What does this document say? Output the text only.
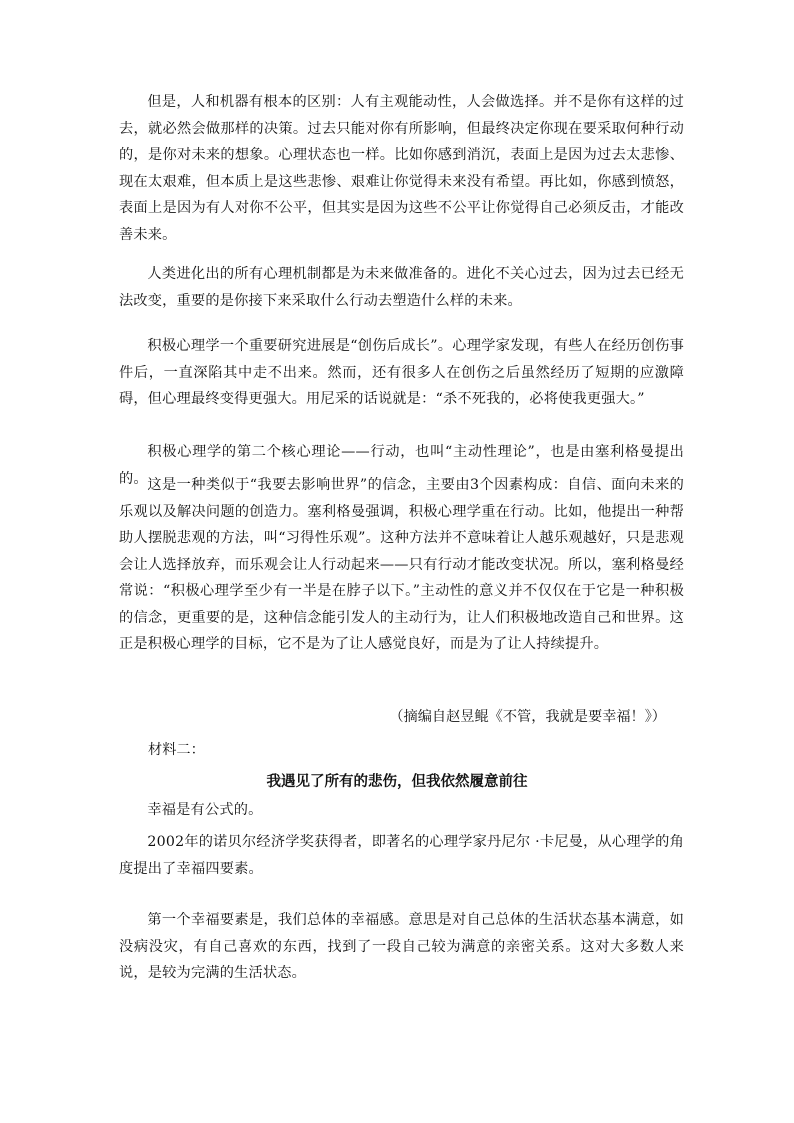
但是，人和机器有根本的区别：人有主观能动性，人会做选择。并不是你有这样的过去，就必然会做那样的决策。过去只能对你有所影响，但最终决定你现在要采取何种行动的，是你对未来的想象。心理状态也一样。比如你感到消沉，表面上是因为过去太悲惨、现在太艰难，但本质上是这些悲惨、艰难让你觉得未来没有希望。再比如，你感到愤怒，表面上是因为有人对你不公平，但其实是因为这些不公平让你觉得自己必须反击，才能改善未来。
人类进化出的所有心理机制都是为未来做准备的。进化不关心过去，因为过去已经无法改变，重要的是你接下来采取什么行动去塑造什么样的未来。
积极心理学一个重要研究进展是“创伤后成长”。心理学家发现，有些人在经历创伤事件后，一直深陷其中走不出来。然而，还有很多人在创伤之后虽然经历了短期的应激障碍，但心理最终变得更强大。用尼采的话说就是：“杀不死我的，必将使我更强大。”
积极心理学的第二个核心理论——行动，也叫“主动性理论”，也是由塞利格曼提出的。 这是一种类似于“我要去影响世界”的信念，主要由3个因素构成：自信、面向未来的乐观以及解决问题的创造力。塞利格曼强调，积极心理学重在行动。比如，他提出一种帮助人摆脱悲观的方法，叫“习得性乐观”。这种方法并不意味着让人越乐观越好，只是悲观会让人选择放弃，而乐观会让人行动起来——只有行动才能改变状况。所以，塞利格曼经常说：“积极心理学至少有一半是在脖子以下。”主动性的意义并不仅仅在于它是一种积极的信念，更重要的是，这种信念能引发人的主动行为，让人们积极地改造自己和世界。这正是积极心理学的目标，它不是为了让人感觉良好，而是为了让人持续提升。
（摘编自赵昱鲲《不管，我就是要幸福！》）
材料二：
我遇见了所有的悲伤，但我依然履意前往
幸福是有公式的。
2002年的诺贝尔经济学奖获得者，即著名的心理学家丹尼尔 ·卡尼曼，从心理学的角度提出了幸福四要素。
第一个幸福要素是，我们总体的幸福感。意思是对自己总体的生活状态基本满意，如没病没灾，有自己喜欢的东西，找到了一段自己较为满意的亲密关系。这对大多数人来说，是较为完满的生活状态。
